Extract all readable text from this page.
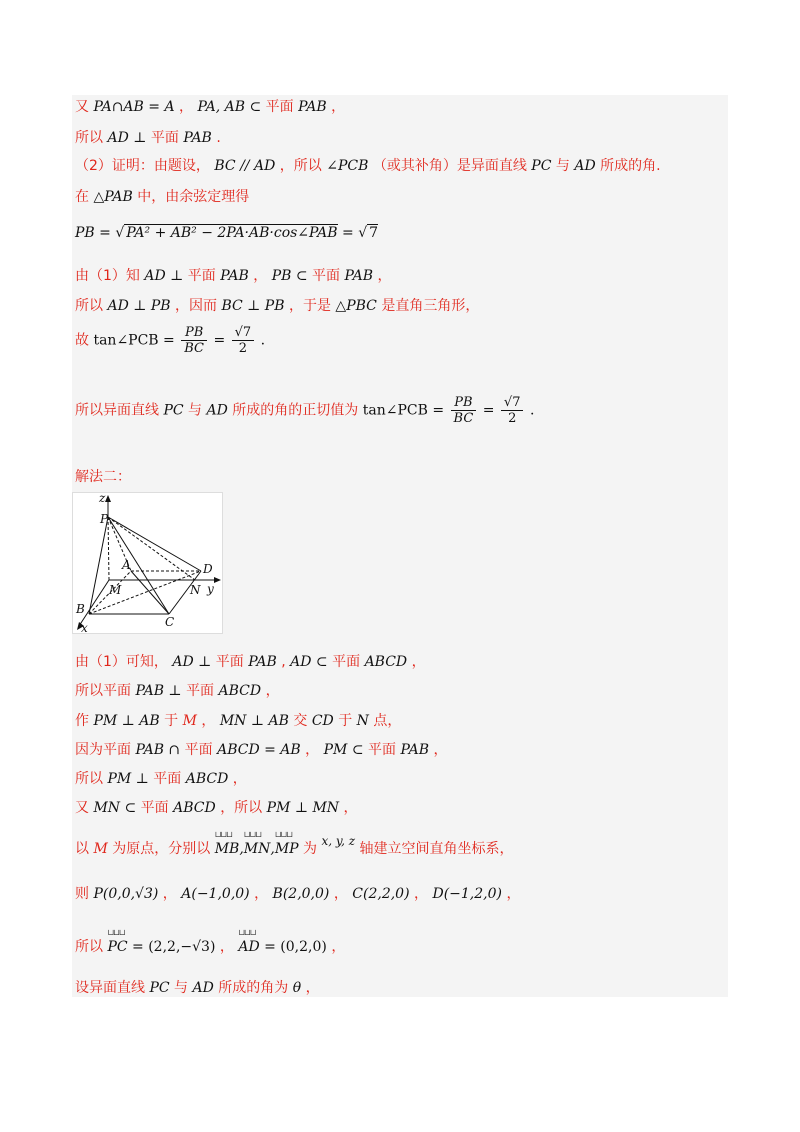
又 PA∩AB = A ， PA, AB ⊂ 平面 PAB ，
所以 AD ⊥ 平面 PAB .
（2）证明：由题设， BC // AD ，所以 ∠PCB （或其补角）是异面直线 PC 与 AD 所成的角.
在 △PAB 中，由余弦定理得
PB = √ PA² + AB² − 2PA·AB·cos∠PAB = √ 7
由（1）知 AD ⊥ 平面 PAB ， PB ⊂ 平面 PAB ，
所以 AD ⊥ PB ，因而 BC ⊥ PB ，于是 △PBC 是直角三角形，
故 tan∠PCB = $\frac{PB}{BC} = \frac{√7}{2}$ .
所以异面直线 PC 与 AD 所成的角的正切值为 tan∠PCB = $\frac{PB}{BC} = \frac{√7}{2}$ .
解法二：
z
P
A	D
M	N y
B
C
x
由（1）可知， AD ⊥ 平面 PAB , AD ⊂ 平面 ABCD ，
所以平面 PAB ⊥ 平面 ABCD ，
作 PM ⊥ AB 于 M ， MN ⊥ AB 交 CD 于 N 点，
因为平面 PAB ∩ 平面 ABCD = AB ， PM ⊂ 平面 PAB ，
所以 PM ⊥ 平面 ABCD ，
又 MN ⊂ 平面 ABCD ，所以 PM ⊥ MN ，
以 M 为原点，分别以 ⊔⊔⊔ MB,⊔⊔⊔ MN,⊔⊔⊔ MP 为 x, y, z 轴建立空间直角坐标系，
则 P(0,0,√3) ， A(−1,0,0) ， B(2,0,0) ， C(2,2,0) ， D(−1,2,0) ，
所以 ⊔⊔⊔ PC = (2,2,−√3) ， ⊔⊔⊔ AD = (0,2,0) ，
设异面直线 PC 与 AD 所成的角为 θ ，
